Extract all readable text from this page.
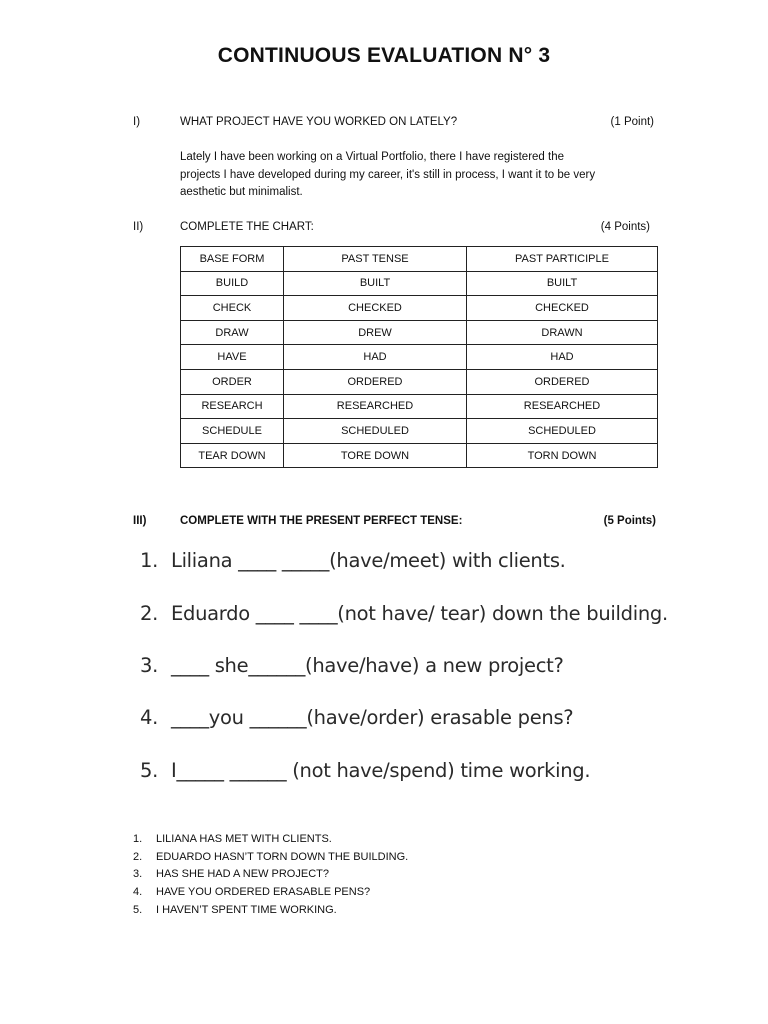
CONTINUOUS EVALUATION N° 3
I)	WHAT PROJECT HAVE YOU WORKED ON LATELY?	(1 Point)
Lately I have been working on a Virtual Portfolio, there I have registered the
projects I have developed during my career, it's still in process, I want it to be very
aesthetic but minimalist.
II)	COMPLETE THE CHART:	(4 Points)
BASE FORM	PAST TENSE	PAST PARTICIPLE
BUILD	BUILT	BUILT
CHECK	CHECKED	CHECKED
DRAW	DREW	DRAWN
HAVE	HAD	HAD
ORDER	ORDERED	ORDERED
RESEARCH	RESEARCHED	RESEARCHED
SCHEDULE	SCHEDULED	SCHEDULED
TEAR DOWN	TORE DOWN	TORN DOWN
III)	COMPLETE WITH THE PRESENT PERFECT TENSE:	(5 Points)
1. Liliana ____ _____(have/meet) with clients.
2. Eduardo ____ ____(not have/ tear) down the building.
3. ____ she______(have/have) a new project?
4. ____you ______(have/order) erasable pens?
5. I_____ ______ (not have/spend) time working.
1. LILIANA HAS MET WITH CLIENTS.
2. EDUARDO HASN’T TORN DOWN THE BUILDING.
3. HAS SHE HAD A NEW PROJECT?
4. HAVE YOU ORDERED ERASABLE PENS?
5. I HAVEN’T SPENT TIME WORKING.
